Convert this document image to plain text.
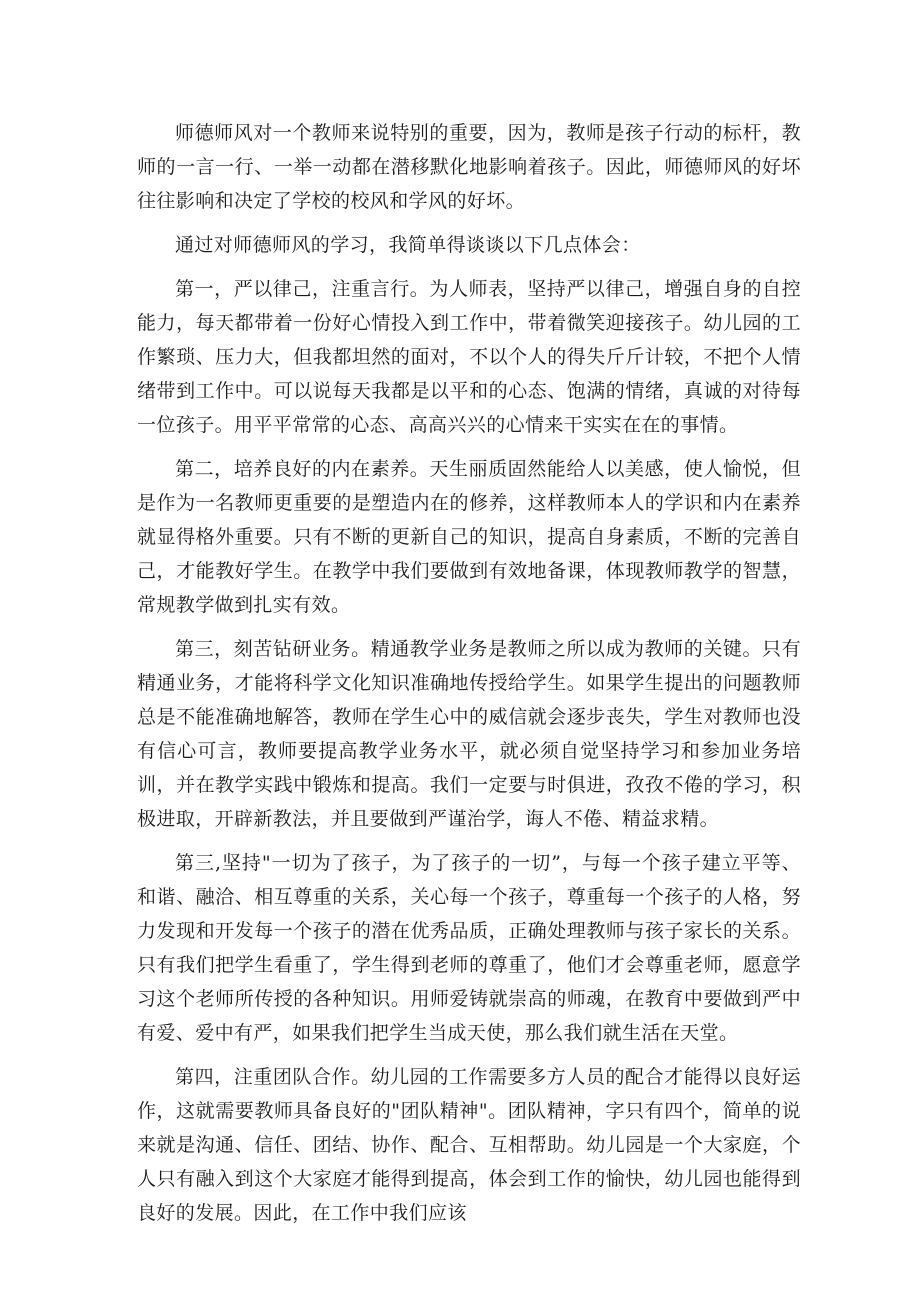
师德师风对一个教师来说特别的重要，因为，教师是孩子行动的标杆，教师的一言一行、一举一动都在潜移默化地影响着孩子。因此，师德师风的好坏往往影响和决定了学校的校风和学风的好坏。

通过对师德师风的学习，我简单得谈谈以下几点体会：

第一，严以律己，注重言行。为人师表，坚持严以律己，增强自身的自控能力，每天都带着一份好心情投入到工作中，带着微笑迎接孩子。幼儿园的工作繁琐、压力大，但我都坦然的面对，不以个人的得失斤斤计较，不把个人情绪带到工作中。可以说每天我都是以平和的心态、饱满的情绪，真诚的对待每一位孩子。用平平常常的心态、高高兴兴的心情来干实实在在的事情。

第二，培养良好的内在素养。天生丽质固然能给人以美感，使人愉悦，但是作为一名教师更重要的是塑造内在的修养，这样教师本人的学识和内在素养就显得格外重要。只有不断的更新自己的知识，提高自身素质，不断的完善自己，才能教好学生。在教学中我们要做到有效地备课，体现教师教学的智慧，常规教学做到扎实有效。

第三，刻苦钻研业务。精通教学业务是教师之所以成为教师的关键。只有精通业务，才能将科学文化知识准确地传授给学生。如果学生提出的问题教师总是不能准确地解答，教师在学生心中的威信就会逐步丧失，学生对教师也没有信心可言，教师要提高教学业务水平，就必须自觉坚持学习和参加业务培训，并在教学实践中锻炼和提高。我们一定要与时俱进，孜孜不倦的学习，积极进取，开辟新教法，并且要做到严谨治学，诲人不倦、精益求精。

第三,坚持"一切为了孩子，为了孩子的一切”，与每一个孩子建立平等、和谐、融洽、相互尊重的关系，关心每一个孩子，尊重每一个孩子的人格，努力发现和开发每一个孩子的潜在优秀品质，正确处理教师与孩子家长的关系。只有我们把学生看重了，学生得到老师的尊重了，他们才会尊重老师，愿意学习这个老师所传授的各种知识。用师爱铸就崇高的师魂，在教育中要做到严中有爱、爱中有严，如果我们把学生当成天使，那么我们就生活在天堂。

第四，注重团队合作。幼儿园的工作需要多方人员的配合才能得以良好运作，这就需要教师具备良好的"团队精神"。团队精神，字只有四个，简单的说来就是沟通、信任、团结、协作、配合、互相帮助。幼儿园是一个大家庭，个人只有融入到这个大家庭才能得到提高，体会到工作的愉快，幼儿园也能得到良好的发展。因此，在工作中我们应该
